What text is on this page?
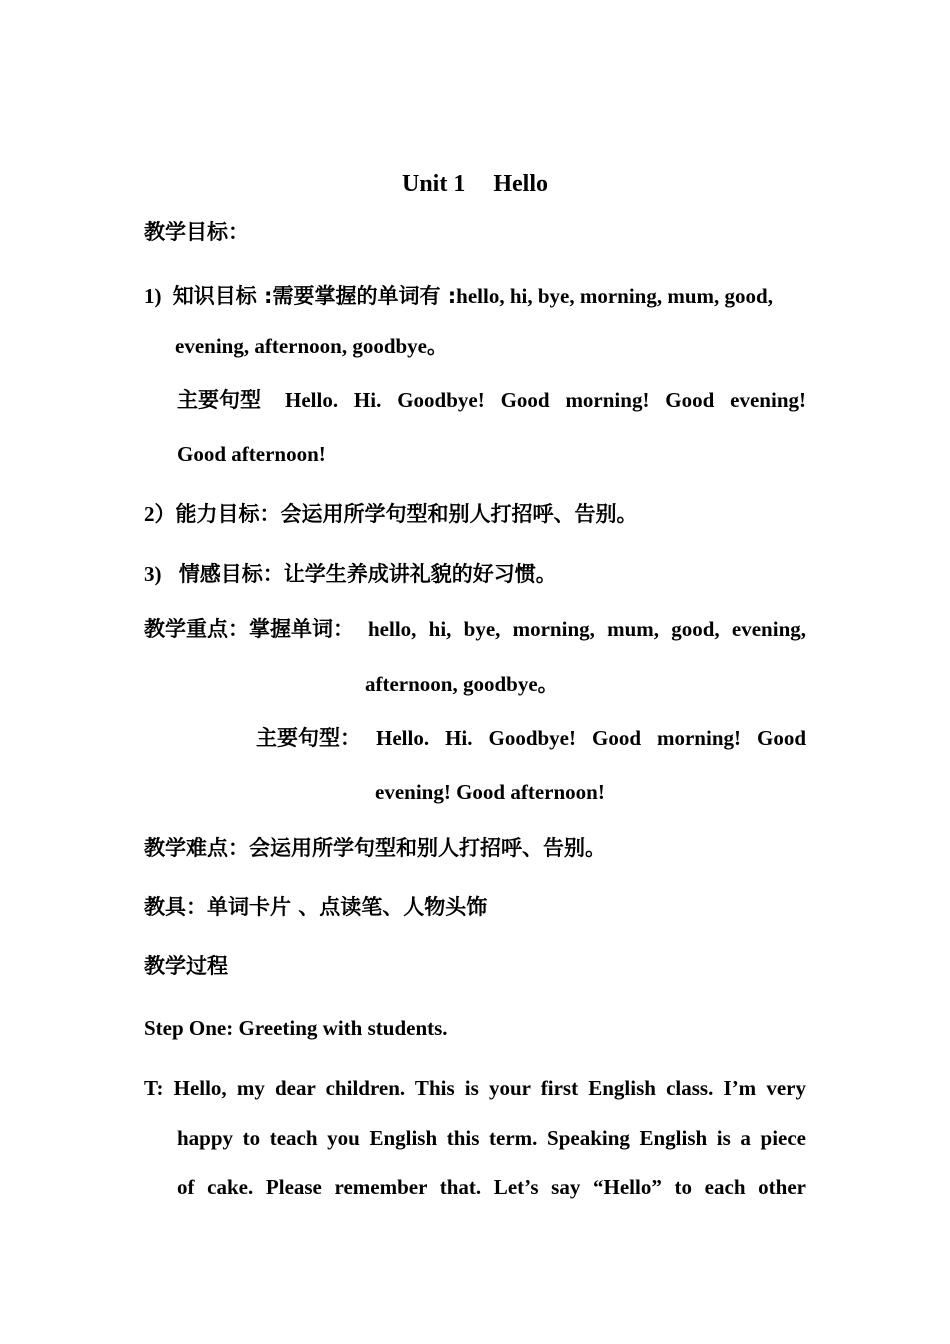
Unit 1 Hello
教学目标：
1) 知识目标 :需要掌握的单词有 :hello, hi, bye, morning, mum, good,
evening, afternoon, goodbye。
主要句型 Hello. Hi. Goodbye! Good morning! Good evening!
Good afternoon!
2）能力目标：会运用所学句型和别人打招呼、告别。
3) 情感目标：让学生养成讲礼貌的好习惯。
教学重点：掌握单词： hello, hi, bye, morning, mum, good, evening,
afternoon, goodbye。
主要句型： Hello. Hi. Goodbye! Good morning! Good
evening! Good afternoon!
教学难点：会运用所学句型和别人打招呼、告别。
教具：单词卡片 、点读笔、人物头饰
教学过程
Step One: Greeting with students.
T: Hello, my dear children. This is your first English class. I’m very
happy to teach you English this term. Speaking English is a piece
of cake. Please remember that. Let’s say “Hello” to each other
